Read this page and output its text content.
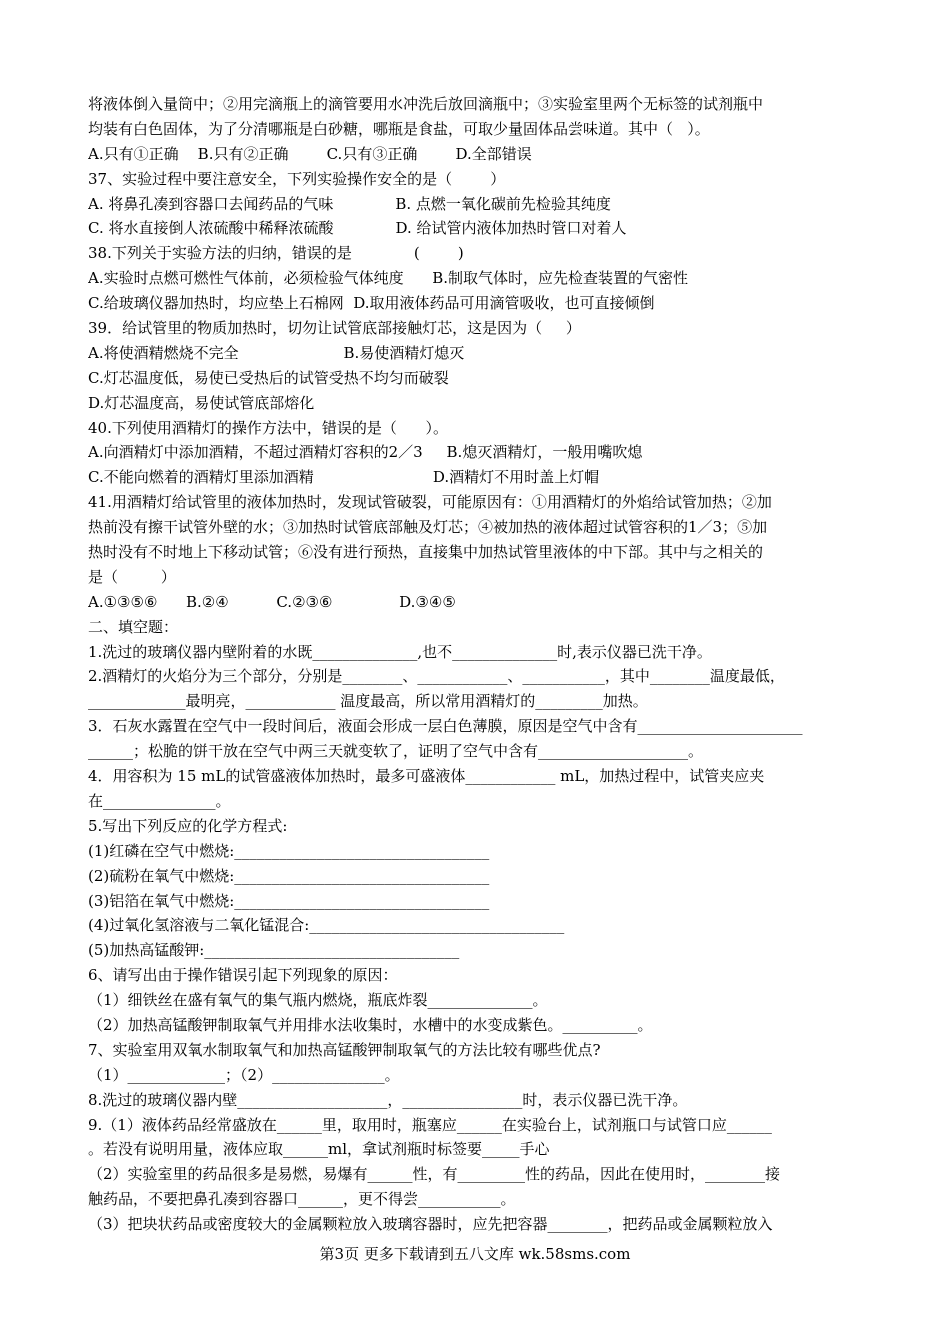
将液体倒入量筒中；②用完滴瓶上的滴管要用水冲洗后放回滴瓶中；③实验室里两个无标签的试剂瓶中
均装有白色固体，为了分清哪瓶是白砂糖，哪瓶是食盐，可取少量固体品尝味道。其中（   ）。
A.只有①正确    B.只有②正确        C.只有③正确        D.全部错误
37、实验过程中要注意安全，下列实验操作安全的是（        ）
A. 将鼻孔凑到容器口去闻药品的气味             B. 点燃一氧化碳前先检验其纯度
C. 将水直接倒人浓硫酸中稀释浓硫酸             D. 给试管内液体加热时管口对着人
38.下列关于实验方法的归纳，错误的是             (        )
A.实验时点燃可燃性气体前，必须检验气体纯度      B.制取气体时，应先检查装置的气密性
C.给玻璃仪器加热时，均应垫上石棉网  D.取用液体药品可用滴管吸收，也可直接倾倒
39．给试管里的物质加热时，切勿让试管底部接触灯芯，这是因为（     ）
A.将使酒精燃烧不完全                      B.易使酒精灯熄灭
C.灯芯温度低，易使已受热后的试管受热不均匀而破裂
D.灯芯温度高，易使试管底部熔化
40.下列使用酒精灯的操作方法中，错误的是（      ）。
A.向酒精灯中添加酒精，不超过酒精灯容积的2／3     B.熄灭酒精灯，一般用嘴吹熄
C.不能向燃着的酒精灯里添加酒精                         D.酒精灯不用时盖上灯帽
41.用酒精灯给试管里的液体加热时，发现试管破裂，可能原因有：①用酒精灯的外焰给试管加热；②加
热前没有擦干试管外壁的水；③加热时试管底部触及灯芯；④被加热的液体超过试管容积的1／3；⑤加
热时没有不时地上下移动试管；⑥没有进行预热，直接集中加热试管里液体的中下部。其中与之相关的
是（         ）
A.①③⑤⑥      B.②④          C.②③⑥              D.③④⑤
二、填空题：
1.洗过的玻璃仪器内壁附着的水既______________,也不______________时,表示仪器已洗干净。
2.酒精灯的火焰分为三个部分，分别是________、____________、___________，其中________温度最低，
_____________最明亮，____________ 温度最高，所以常用酒精灯的_________加热。
3．石灰水露置在空气中一段时间后，液面会形成一层白色薄膜，原因是空气中含有______________________
______；松脆的饼干放在空气中两三天就变软了，证明了空气中含有____________________。
4．用容积为 15 mL的试管盛液体加热时，最多可盛液体____________ mL，加热过程中，试管夹应夹
在_______________。
5.写出下列反应的化学方程式:
(1)红磷在空气中燃烧:__________________________________
(2)硫粉在氧气中燃烧:__________________________________
(3)铝箔在氧气中燃烧:__________________________________
(4)过氧化氢溶液与二氧化锰混合:__________________________________
(5)加热高锰酸钾:__________________________________
6、请写出由于操作错误引起下列现象的原因：
（1）细铁丝在盛有氧气的集气瓶内燃烧，瓶底炸裂______________。
（2）加热高锰酸钾制取氧气并用排水法收集时，水槽中的水变成紫色。__________。
7、实验室用双氧水制取氧气和加热高锰酸钾制取氧气的方法比较有哪些优点?
（1）_____________；（2）_______________。
8.洗过的玻璃仪器内壁____________________，________________时，表示仪器已洗干净。
9.（1）液体药品经常盛放在______里，取用时，瓶塞应______在实验台上，试剂瓶口与试管口应______
。若没有说明用量，液体应取______ml，拿试剂瓶时标签要_____手心
（2）实验室里的药品很多是易燃，易爆有______性，有_________性的药品，因此在使用时，________接
触药品，不要把鼻孔凑到容器口______，更不得尝___________。
（3）把块状药品或密度较大的金属颗粒放入玻璃容器时，应先把容器________，把药品或金属颗粒放入
第3页 更多下载请到五八文库 wk.58sms.com
